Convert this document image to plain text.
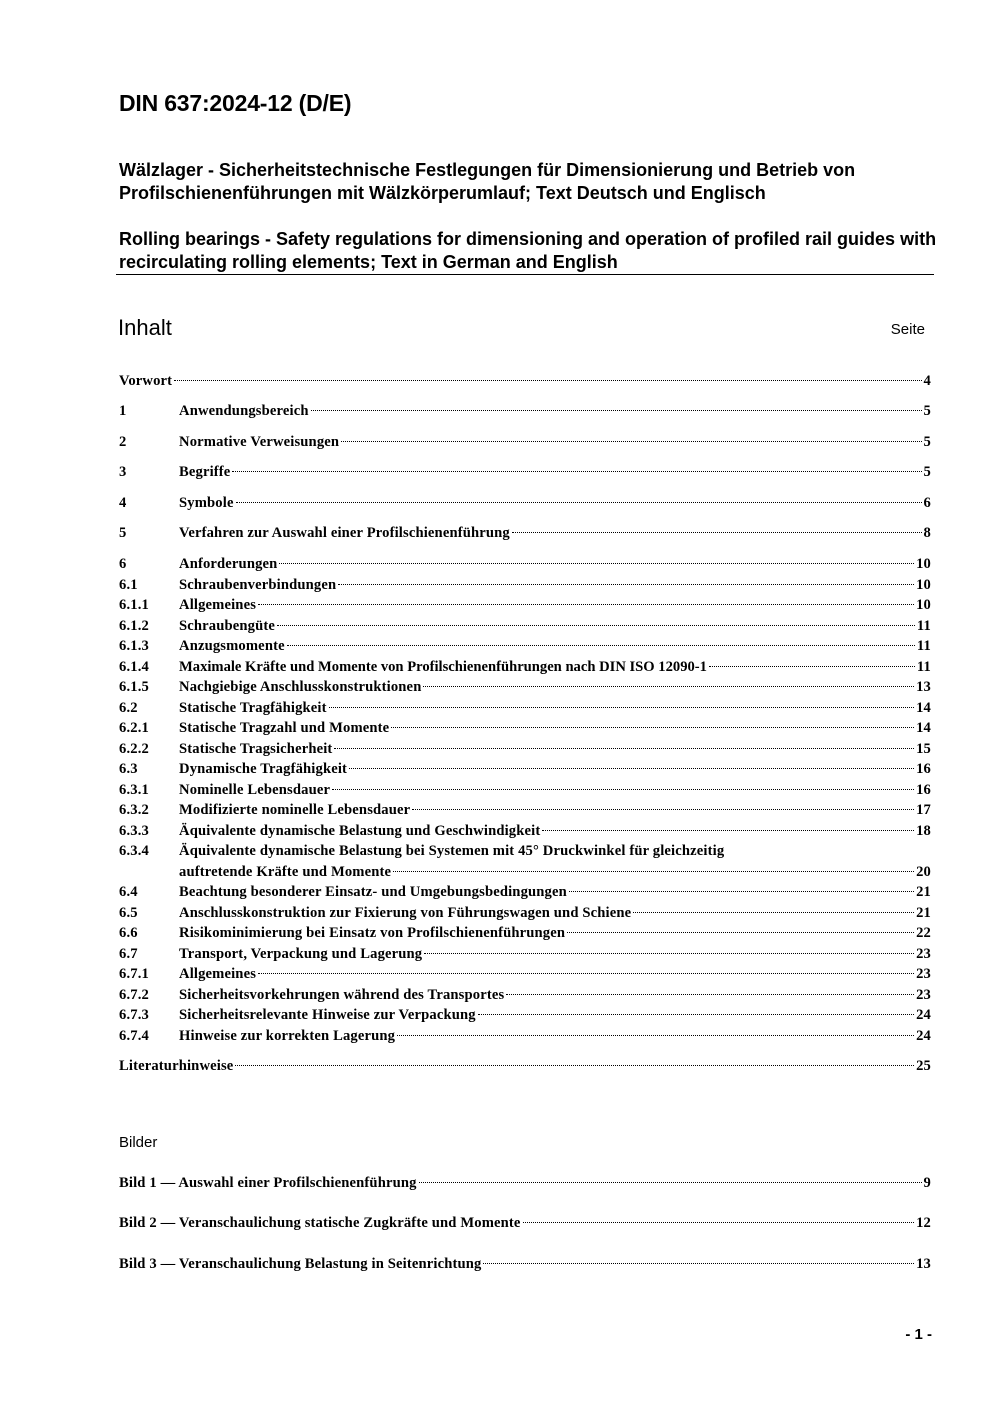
DIN 637:2024-12 (D/E)
Wälzlager - Sicherheitstechnische Festlegungen für Dimensionierung und Betrieb von Profilschienenführungen mit Wälzkörperumlauf; Text Deutsch und Englisch
Rolling bearings - Safety regulations for dimensioning and operation of profiled rail guides with recirculating rolling elements; Text in German and English
Inhalt	Seite
Vorwort	4
1	Anwendungsbereich	5
2	Normative Verweisungen	5
3	Begriffe	5
4	Symbole	6
5	Verfahren zur Auswahl einer Profilschienenführung	8
6	Anforderungen	10
6.1	Schraubenverbindungen	10
6.1.1	Allgemeines	10
6.1.2	Schraubengüte	11
6.1.3	Anzugsmomente	11
6.1.4	Maximale Kräfte und Momente von Profilschienenführungen nach DIN ISO 12090-1	11
6.1.5	Nachgiebige Anschlusskonstruktionen	13
6.2	Statische Tragfähigkeit	14
6.2.1	Statische Tragzahl und Momente	14
6.2.2	Statische Tragsicherheit	15
6.3	Dynamische Tragfähigkeit	16
6.3.1	Nominelle Lebensdauer	16
6.3.2	Modifizierte nominelle Lebensdauer	17
6.3.3	Äquivalente dynamische Belastung und Geschwindigkeit	18
6.3.4	Äquivalente dynamische Belastung bei Systemen mit 45° Druckwinkel für gleichzeitig
auftretende Kräfte und Momente	20
6.4	Beachtung besonderer Einsatz- und Umgebungsbedingungen	21
6.5	Anschlusskonstruktion zur Fixierung von Führungswagen und Schiene	21
6.6	Risikominimierung bei Einsatz von Profilschienenführungen	22
6.7	Transport, Verpackung und Lagerung	23
6.7.1	Allgemeines	23
6.7.2	Sicherheitsvorkehrungen während des Transportes	23
6.7.3	Sicherheitsrelevante Hinweise zur Verpackung	24
6.7.4	Hinweise zur korrekten Lagerung	24
Literaturhinweise	25
Bilder
Bild 1 — Auswahl einer Profilschienenführung	9
Bild 2 — Veranschaulichung statische Zugkräfte und Momente	12
Bild 3 — Veranschaulichung Belastung in Seitenrichtung	13
- 1 -
